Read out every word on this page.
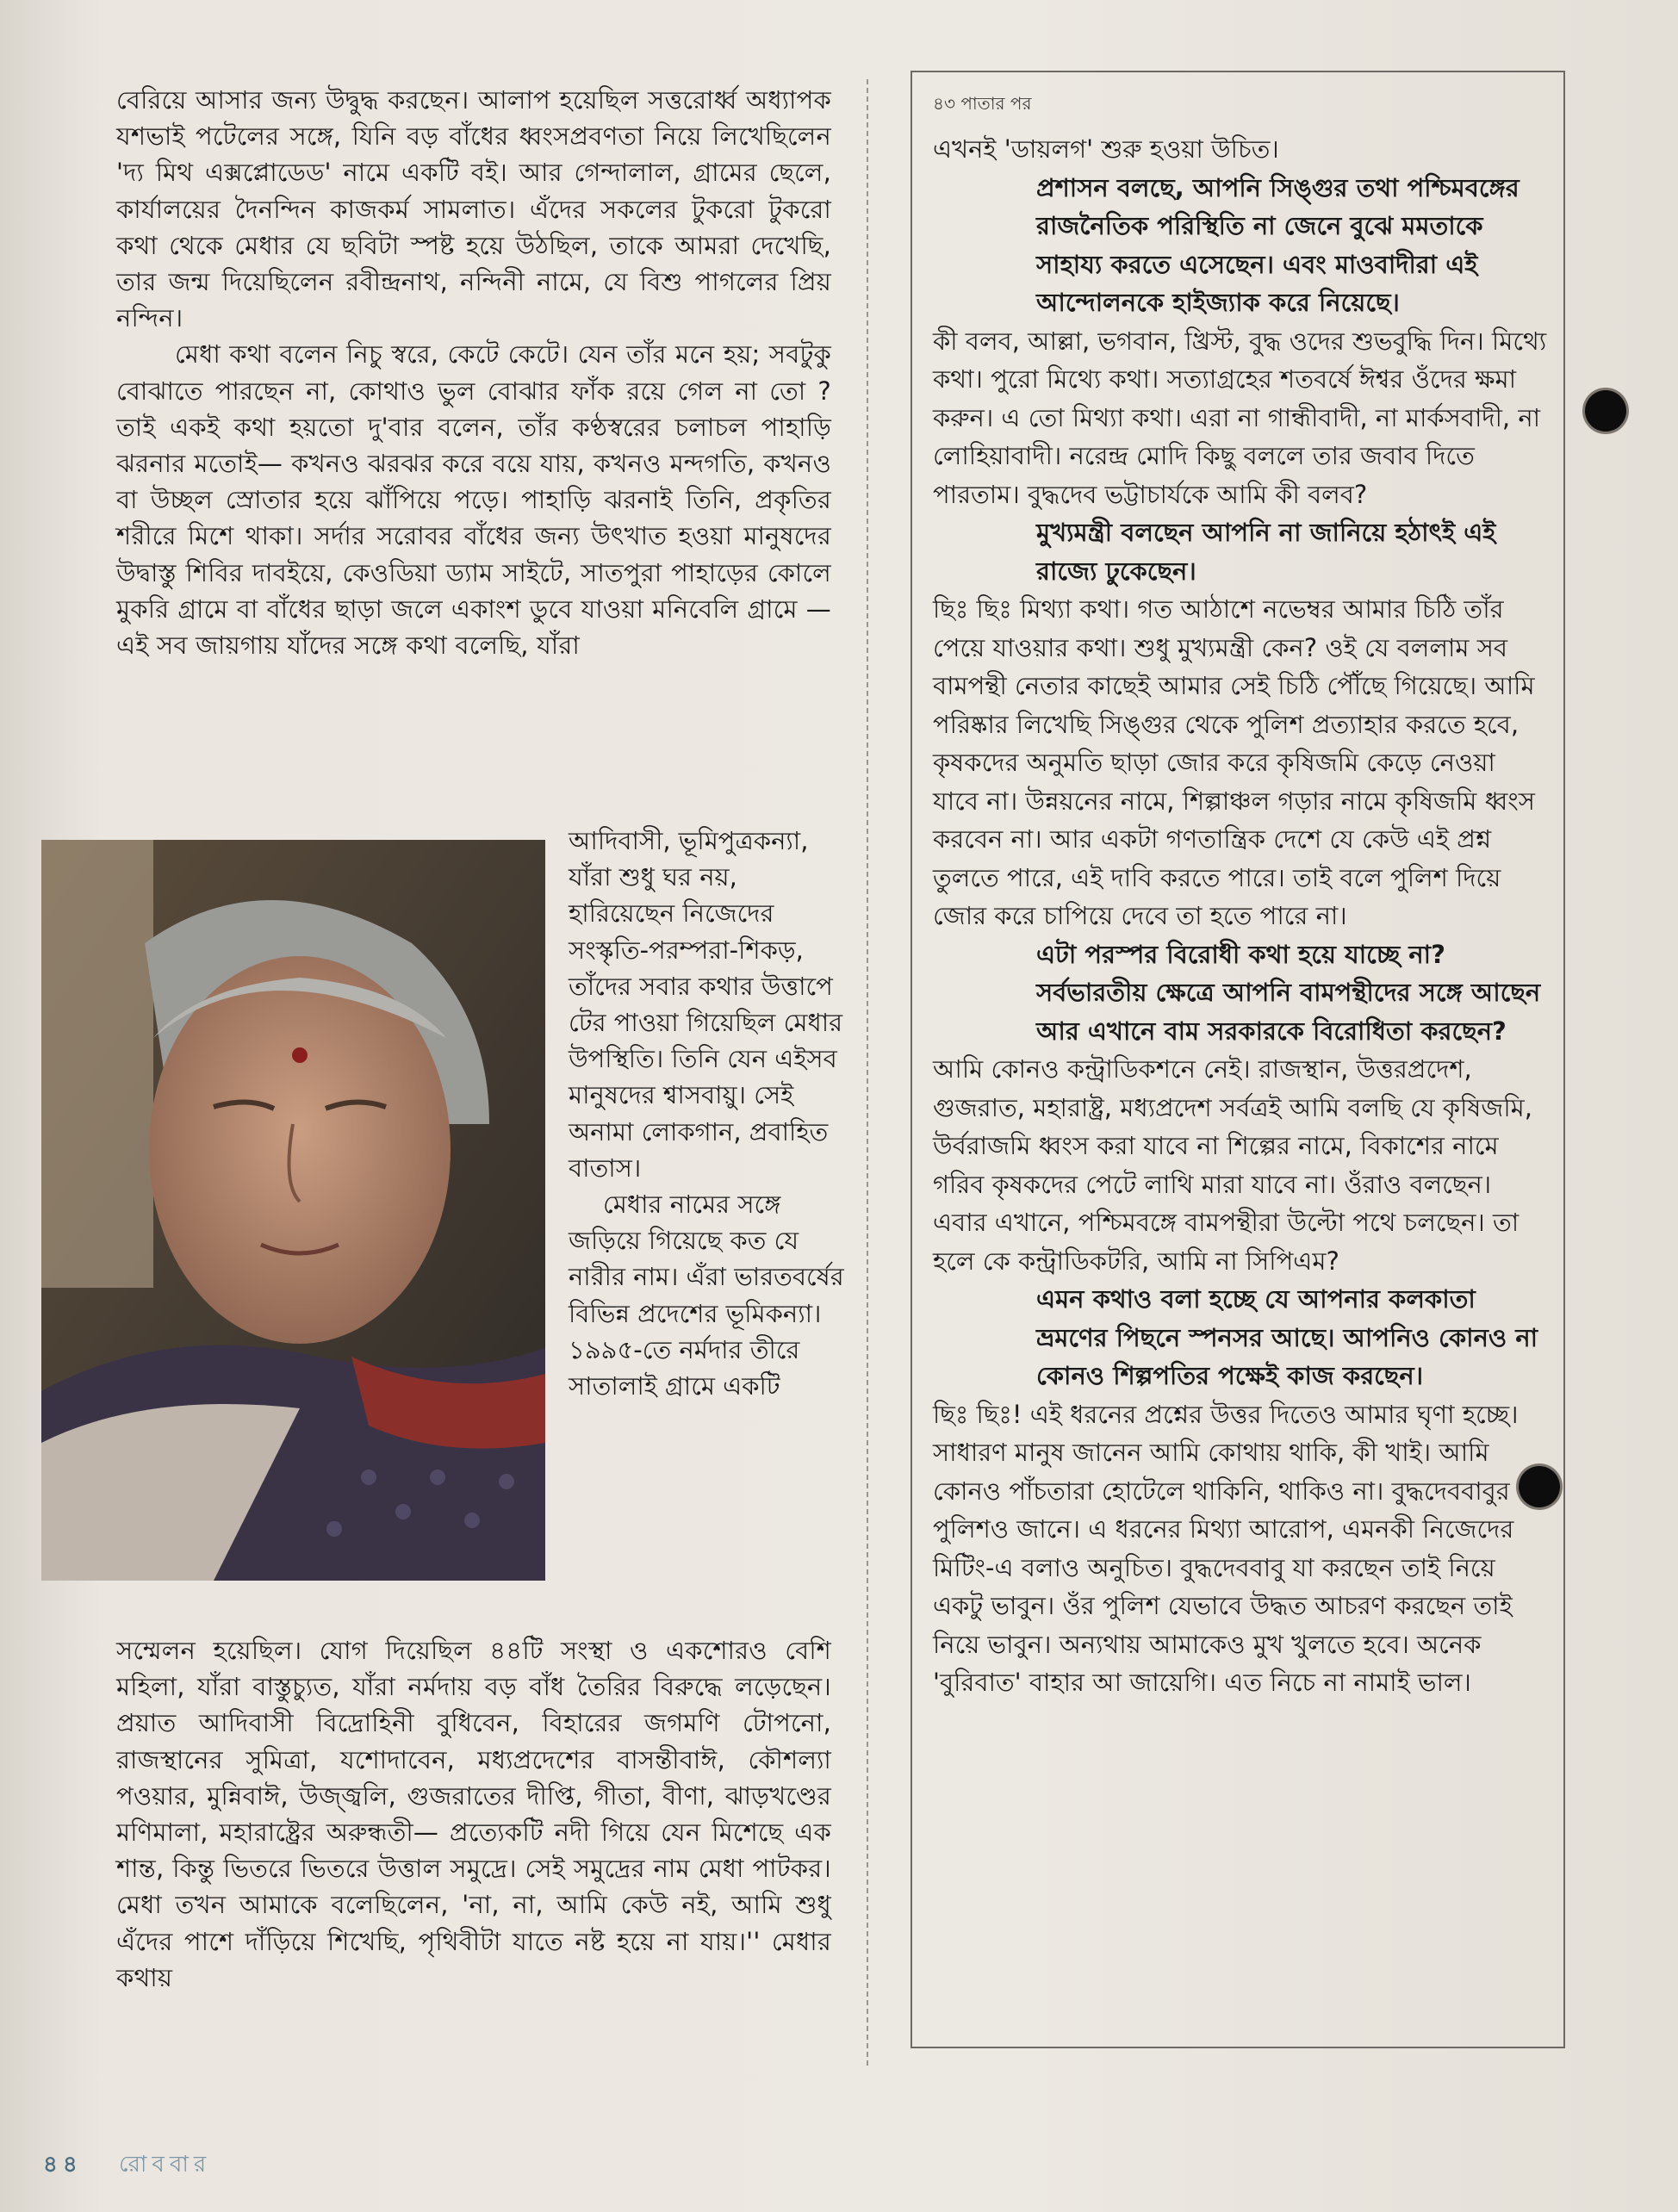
বেরিয়ে আসার জন্য উদ্বুদ্ধ করছেন। আলাপ হয়েছিল সত্তরোর্ধ্ব অধ্যাপক যশভাই পটেলের সঙ্গে, যিনি বড় বাঁধের ধ্বংসপ্রবণতা নিয়ে লিখেছিলেন 'দ্য মিথ এক্সপ্লোডেড' নামে একটি বই। আর গেন্দালাল, গ্রামের ছেলে, কার্যালয়ের দৈনন্দিন কাজকর্ম সামলাত। এঁদের সকলের টুকরো টুকরো কথা থেকে মেধার যে ছবিটা স্পষ্ট হয়ে উঠছিল, তাকে আমরা দেখেছি, তার জন্ম দিয়েছিলেন রবীন্দ্রনাথ, নন্দিনী নামে, যে বিশু পাগলের প্রিয় নন্দিন।

মেধা কথা বলেন নিচু স্বরে, কেটে কেটে। যেন তাঁর মনে হয়; সবটুকু বোঝাতে পারছেন না, কোথাও ভুল বোঝার ফাঁক রয়ে গেল না তো ? তাই একই কথা হয়তো দু'বার বলেন, তাঁর কণ্ঠস্বরের চলাচল পাহাড়ি ঝরনার মতোই— কখনও ঝরঝর করে বয়ে যায়, কখনও মন্দগতি, কখনও বা উচ্ছল স্রোতার হয়ে ঝাঁপিয়ে পড়ে। পাহাড়ি ঝরনাই তিনি, প্রকৃতির শরীরে মিশে থাকা। সর্দার সরোবর বাঁধের জন্য উৎখাত হওয়া মানুষদের উদ্বাস্তু শিবির দাবইয়ে, কেওডিয়া ড্যাম সাইটে, সাতপুরা পাহাড়ের কোলে মুকরি গ্রামে বা বাঁধের ছাড়া জলে একাংশ ডুবে যাওয়া মনিবেলি গ্রামে —এই সব জায়গায় যাঁদের সঙ্গে কথা বলেছি, যাঁরা

আদিবাসী, ভূমিপুত্রকন্যা, যাঁরা শুধু ঘর নয়, হারিয়েছেন নিজেদের সংস্কৃতি-পরম্পরা-শিকড়, তাঁদের সবার কথার উত্তাপে টের পাওয়া গিয়েছিল মেধার উপস্থিতি। তিনি যেন এইসব মানুষদের শ্বাসবায়ু। সেই অনামা লোকগান, প্রবাহিত বাতাস।

মেধার নামের সঙ্গে জড়িয়ে গিয়েছে কত যে নারীর নাম। এঁরা ভারতবর্ষের বিভিন্ন প্রদেশের ভূমিকন্যা। ১৯৯৫-তে নর্মদার তীরে সাতালাই গ্রামে একটি

সম্মেলন হয়েছিল। যোগ দিয়েছিল ৪৪টি সংস্থা ও একশোরও বেশি মহিলা, যাঁরা বাস্তুচ্যুত, যাঁরা নর্মদায় বড় বাঁধ তৈরির বিরুদ্ধে লড়েছেন। প্রয়াত আদিবাসী বিদ্রোহিনী বুধিবেন, বিহারের জগমণি টোপনো, রাজস্থানের সুমিত্রা, যশোদাবেন, মধ্যপ্রদেশের বাসন্তীবাঈ, কৌশল্যা পওয়ার, মুন্নিবাঈ, উজ্জ্বলি, গুজরাতের দীপ্তি, গীতা, বীণা, ঝাড়খণ্ডের মণিমালা, মহারাষ্ট্রের অরুন্ধতী— প্রত্যেকটি নদী গিয়ে যেন মিশেছে এক শান্ত, কিন্তু ভিতরে ভিতরে উত্তাল সমুদ্রে। সেই সমুদ্রের নাম মেধা পাটকর। মেধা তখন আমাকে বলেছিলেন, 'না, না, আমি কেউ নই, আমি শুধু এঁদের পাশে দাঁড়িয়ে শিখেছি, পৃথিবীটা যাতে নষ্ট হয়ে না যায়।'' মেধার কথায়

৪৩ পাতার পর

এখনই 'ডায়লগ' শুরু হওয়া উচিত।

প্রশাসন বলছে, আপনি সিঙ্গুর তথা পশ্চিমবঙ্গের রাজনৈতিক পরিস্থিতি না জেনে বুঝে মমতাকে সাহায্য করতে এসেছেন। এবং মাওবাদীরা এই আন্দোলনকে হাইজ্যাক করে নিয়েছে।

কী বলব, আল্লা, ভগবান, খ্রিস্ট, বুদ্ধ ওদের শুভবুদ্ধি দিন। মিথ্যে কথা। পুরো মিথ্যে কথা। সত্যাগ্রহের শতবর্ষে ঈশ্বর ওঁদের ক্ষমা করুন। এ তো মিথ্যা কথা। এরা না গান্ধীবাদী, না মার্কসবাদী, না লোহিয়াবাদী। নরেন্দ্র মোদি কিছু বললে তার জবাব দিতে পারতাম। বুদ্ধদেব ভট্টাচার্যকে আমি কী বলব?

মুখ্যমন্ত্রী বলছেন আপনি না জানিয়ে হঠাৎই এই রাজ্যে ঢুকেছেন।

ছিঃ ছিঃ মিথ্যা কথা। গত আঠাশে নভেম্বর আমার চিঠি তাঁর পেয়ে যাওয়ার কথা। শুধু মুখ্যমন্ত্রী কেন? ওই যে বললাম সব বামপন্থী নেতার কাছেই আমার সেই চিঠি পৌঁছে গিয়েছে। আমি পরিষ্কার লিখেছি সিঙ্গুর থেকে পুলিশ প্রত্যাহার করতে হবে, কৃষকদের অনুমতি ছাড়া জোর করে কৃষিজমি কেড়ে নেওয়া যাবে না। উন্নয়নের নামে, শিল্পাঞ্চল গড়ার নামে কৃষিজমি ধ্বংস করবেন না। আর একটা গণতান্ত্রিক দেশে যে কেউ এই প্রশ্ন তুলতে পারে, এই দাবি করতে পারে। তাই বলে পুলিশ দিয়ে জোর করে চাপিয়ে দেবে তা হতে পারে না।

এটা পরস্পর বিরোধী কথা হয়ে যাচ্ছে না? সর্বভারতীয় ক্ষেত্রে আপনি বামপন্থীদের সঙ্গে আছেন আর এখানে বাম সরকারকে বিরোধিতা করছেন?

আমি কোনও কন্ট্রাডিকশনে নেই। রাজস্থান, উত্তরপ্রদেশ, গুজরাত, মহারাষ্ট্র, মধ্যপ্রদেশ সর্বত্রই আমি বলছি যে কৃষিজমি, উর্বরাজমি ধ্বংস করা যাবে না শিল্পের নামে, বিকাশের নামে গরিব কৃষকদের পেটে লাথি মারা যাবে না। ওঁরাও বলছেন। এবার এখানে, পশ্চিমবঙ্গে বামপন্থীরা উল্টো পথে চলছেন। তা হলে কে কন্ট্রাডিকটরি, আমি না সিপিএম?

এমন কথাও বলা হচ্ছে যে আপনার কলকাতা ভ্রমণের পিছনে স্পনসর আছে। আপনিও কোনও না কোনও শিল্পপতির পক্ষেই কাজ করছেন।

ছিঃ ছিঃ! এই ধরনের প্রশ্নের উত্তর দিতেও আমার ঘৃণা হচ্ছে। সাধারণ মানুষ জানেন আমি কোথায় থাকি, কী খাই। আমি কোনও পাঁচতারা হোটেলে থাকিনি, থাকিও না। বুদ্ধদেববাবুর পুলিশও জানে। এ ধরনের মিথ্যা আরোপ, এমনকী নিজেদের মিটিং-এ বলাও অনুচিত। বুদ্ধদেববাবু যা করছেন তাই নিয়ে একটু ভাবুন। ওঁর পুলিশ যেভাবে উদ্ধত আচরণ করছেন তাই নিয়ে ভাবুন। অন্যথায় আমাকেও মুখ খুলতে হবে। অনেক 'বুরিবাত' বাহার আ জায়েগি। এত নিচে না নামাই ভাল।

৪৪ রোববার
